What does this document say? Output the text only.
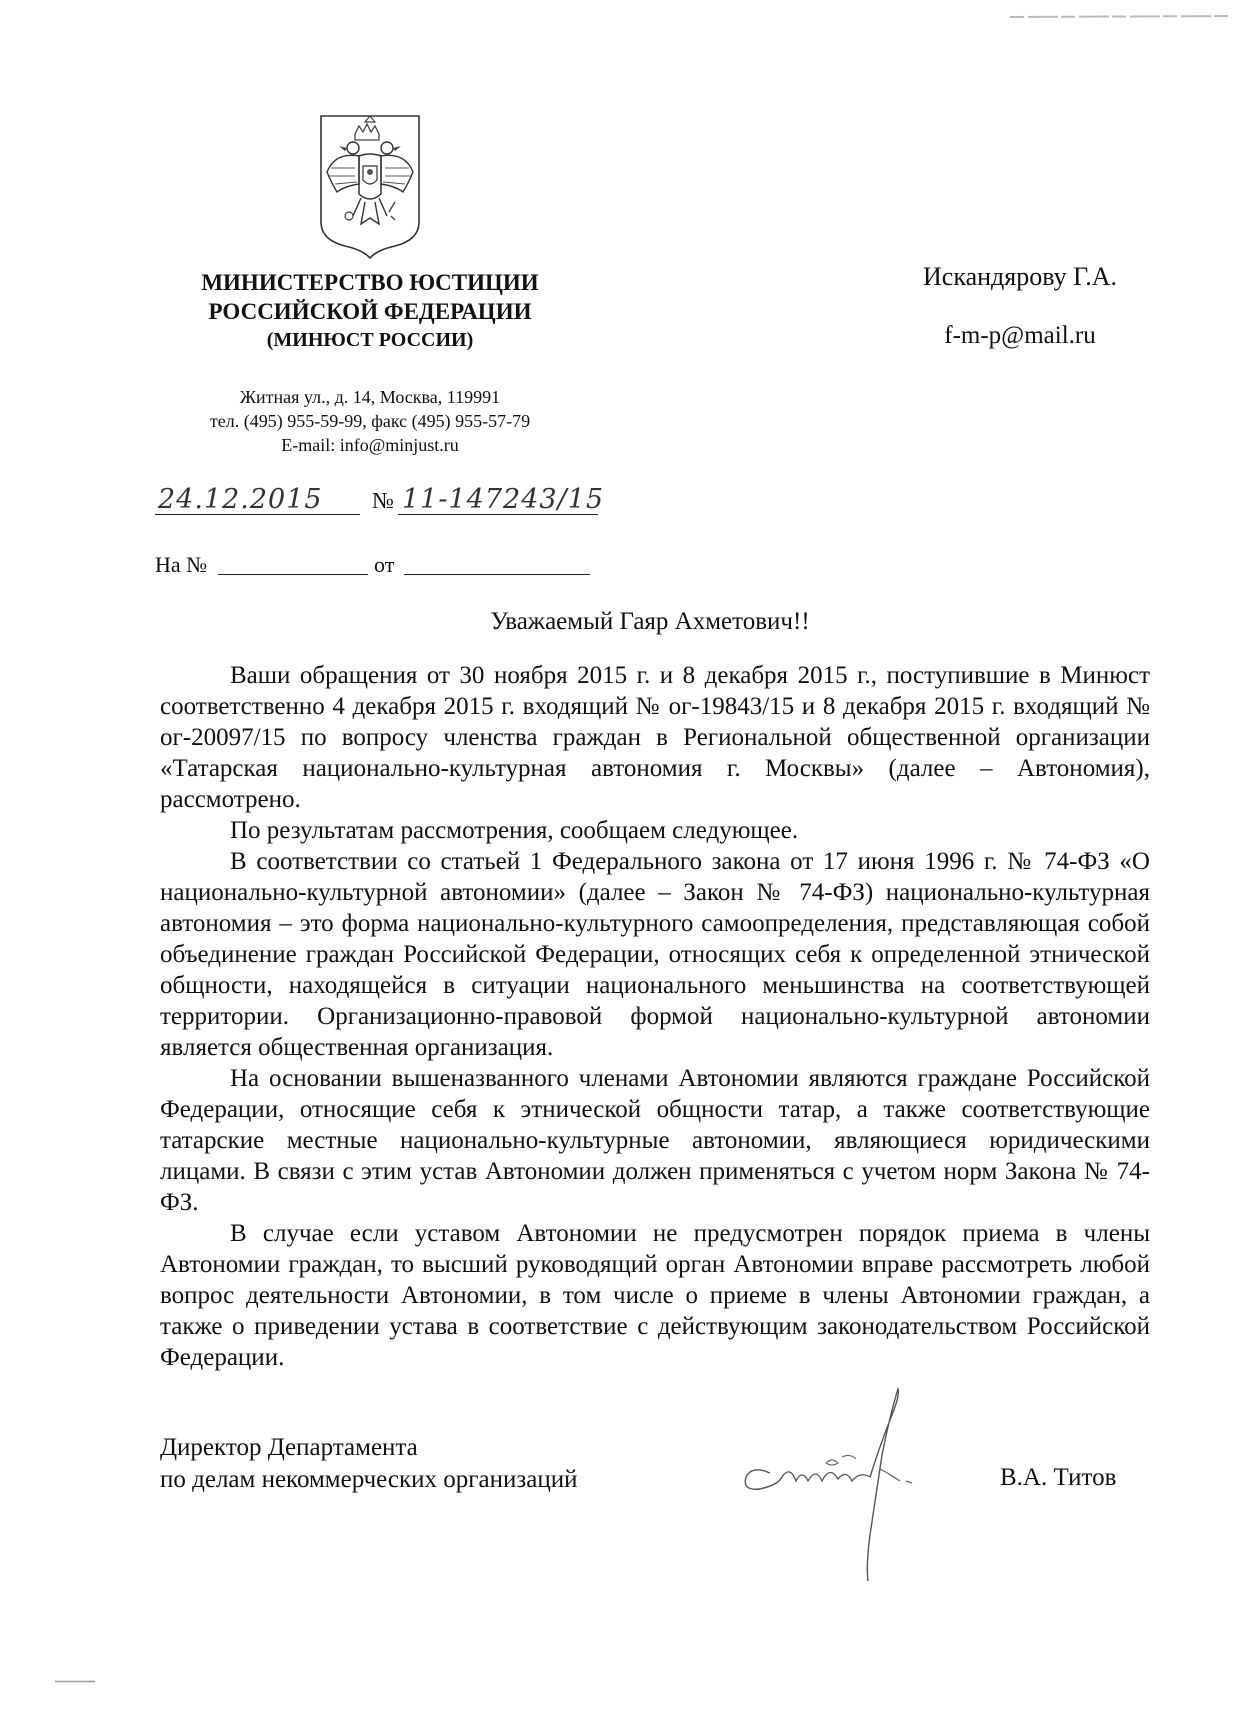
МИНИСТЕРСТВО ЮСТИЦИИ
РОССИЙСКОЙ ФЕДЕРАЦИИ
(МИНЮСТ РОССИИ)
Житная ул., д. 14, Москва, 119991
тел. (495) 955-59-99, факс (495) 955-57-79
E-mail: info@minjust.ru
24.12.2015 № 11-147243/15
На №	от
Искандярову Г.А.
f-m-p@mail.ru
Уважаемый Гаяр Ахметович!!

Ваши обращения от 30 ноября 2015 г. и 8 декабря 2015 г., поступившие в Минюст соответственно 4 декабря 2015 г. входящий № ог-19843/15 и 8 декабря 2015 г. входящий № ог-20097/15 по вопросу членства граждан в Региональной общественной организации «Татарская национально-культурная автономия г. Москвы» (далее – Автономия), рассмотрено.

По результатам рассмотрения, сообщаем следующее.

В соответствии со статьей 1 Федерального закона от 17 июня 1996 г. № 74-ФЗ «О национально-культурной автономии» (далее – Закон № 74-ФЗ) национально-культурная автономия – это форма национально-культурного самоопределения, представляющая собой объединение граждан Российской Федерации, относящих себя к определенной этнической общности, находящейся в ситуации национального меньшинства на соответствующей территории. Организационно-правовой формой национально-культурной автономии является общественная организация.

На основании вышеназванного членами Автономии являются граждане Российской Федерации, относящие себя к этнической общности татар, а также соответствующие татарские местные национально-культурные автономии, являющиеся юридическими лицами. В связи с этим устав Автономии должен применяться с учетом норм Закона № 74-ФЗ.

В случае если уставом Автономии не предусмотрен порядок приема в члены Автономии граждан, то высший руководящий орган Автономии вправе рассмотреть любой вопрос деятельности Автономии, в том числе о приеме в члены Автономии граждан, а также о приведении устава в соответствие с действующим законодательством Российской Федерации.

Директор Департамента
по делам некоммерческих организаций	В.А. Титов
